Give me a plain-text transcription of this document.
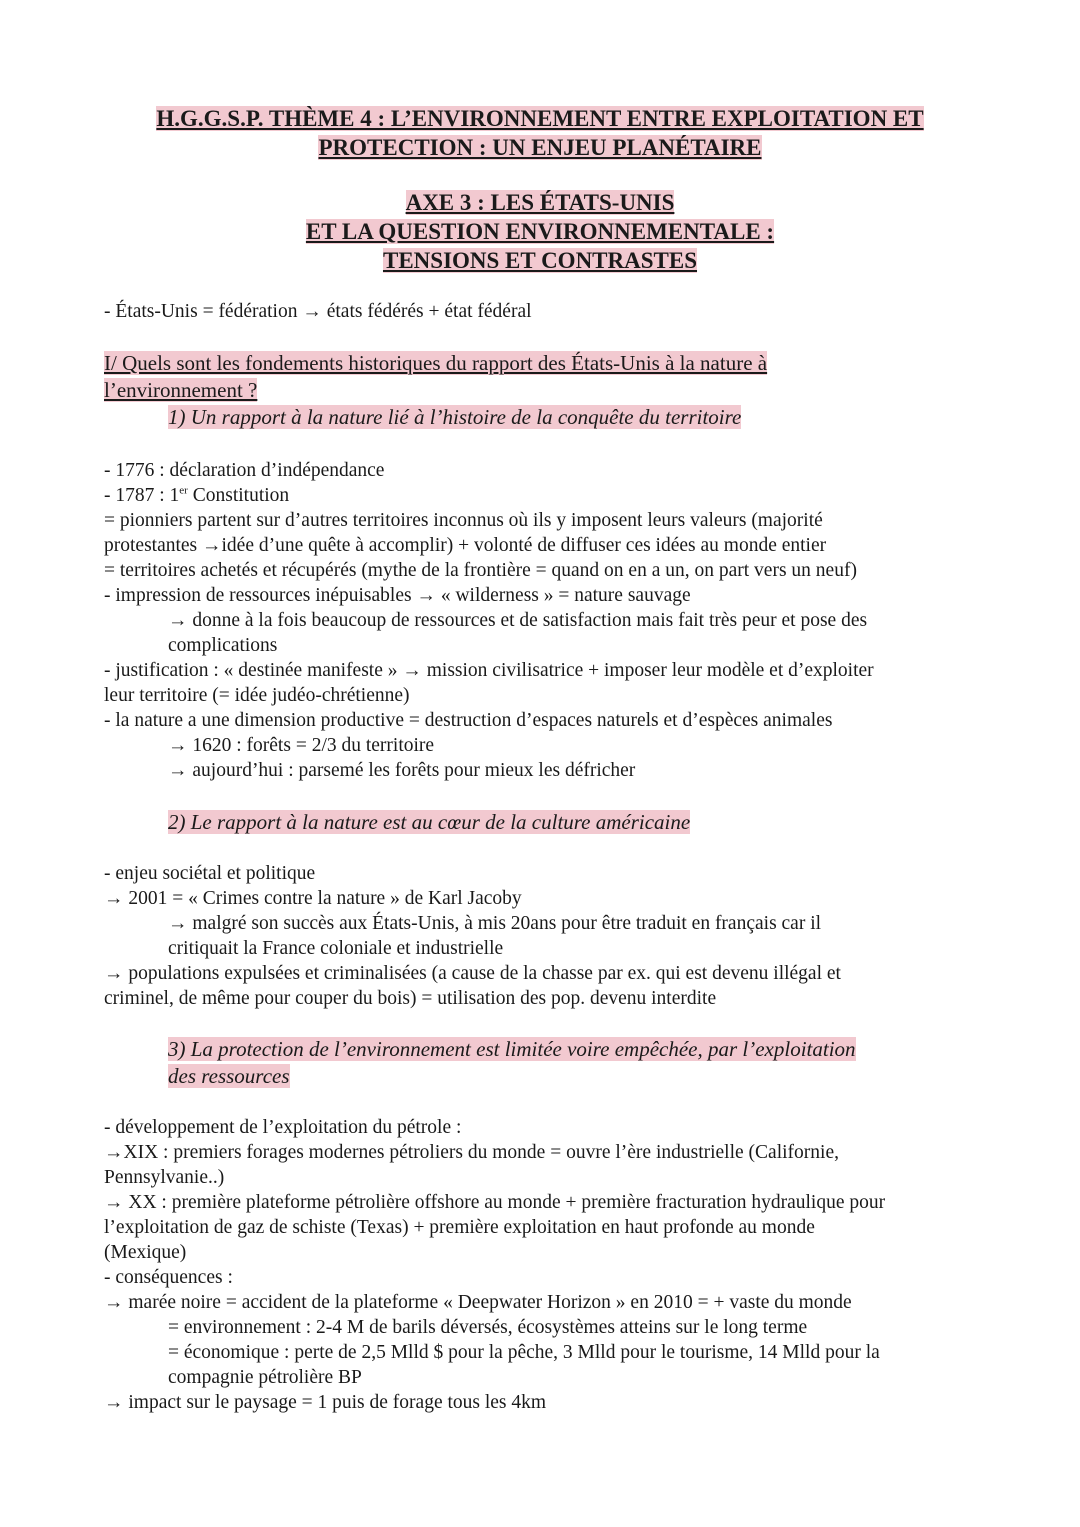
H.G.G.S.P. THÈME 4 : L’ENVIRONNEMENT ENTRE EXPLOITATION ET
PROTECTION : UN ENJEU PLANÉTAIRE
AXE 3 : LES ÉTATS-UNIS
ET LA QUESTION ENVIRONNEMENTALE :
TENSIONS ET CONTRASTES
- États-Unis = fédération → états fédérés + état fédéral
I/ Quels sont les fondements historiques du rapport des États-Unis à la nature à
l’environnement ?
1) Un rapport à la nature lié à l’histoire de la conquête du territoire
- 1776 : déclaration d’indépendance
- 1787 : 1er Constitution
= pionniers partent sur d’autres territoires inconnus où ils y imposent leurs valeurs (majorité
protestantes →idée d’une quête à accomplir) + volonté de diffuser ces idées au monde entier
= territoires achetés et récupérés (mythe de la frontière = quand on en a un, on part vers un neuf)
- impression de ressources inépuisables → « wilderness » = nature sauvage
→ donne à la fois beaucoup de ressources et de satisfaction mais fait très peur et pose des
complications
- justification : « destinée manifeste » → mission civilisatrice + imposer leur modèle et d’exploiter
leur territoire (= idée judéo-chrétienne)
- la nature a une dimension productive = destruction d’espaces naturels et d’espèces animales
→ 1620 : forêts = 2/3 du territoire
→ aujourd’hui : parsemé les forêts pour mieux les défricher
2) Le rapport à la nature est au cœur de la culture américaine
- enjeu sociétal et politique
→ 2001 = « Crimes contre la nature » de Karl Jacoby
→ malgré son succès aux États-Unis, à mis 20ans pour être traduit en français car il
critiquait la France coloniale et industrielle
→ populations expulsées et criminalisées (a cause de la chasse par ex. qui est devenu illégal et
criminel, de même pour couper du bois) = utilisation des pop. devenu interdite
3) La protection de l’environnement est limitée voire empêchée, par l’exploitation
des ressources
- développement de l’exploitation du pétrole :
→XIX : premiers forages modernes pétroliers du monde = ouvre l’ère industrielle (Californie,
Pennsylvanie..)
→ XX : première plateforme pétrolière offshore au monde + première fracturation hydraulique pour
l’exploitation de gaz de schiste (Texas) + première exploitation en haut profonde au monde
(Mexique)
- conséquences :
→ marée noire = accident de la plateforme « Deepwater Horizon » en 2010 = + vaste du monde
= environnement : 2-4 M de barils déversés, écosystèmes atteins sur le long terme
= économique : perte de 2,5 Mlld $ pour la pêche, 3 Mlld pour le tourisme, 14 Mlld pour la
compagnie pétrolière BP
→ impact sur le paysage = 1 puis de forage tous les 4km
